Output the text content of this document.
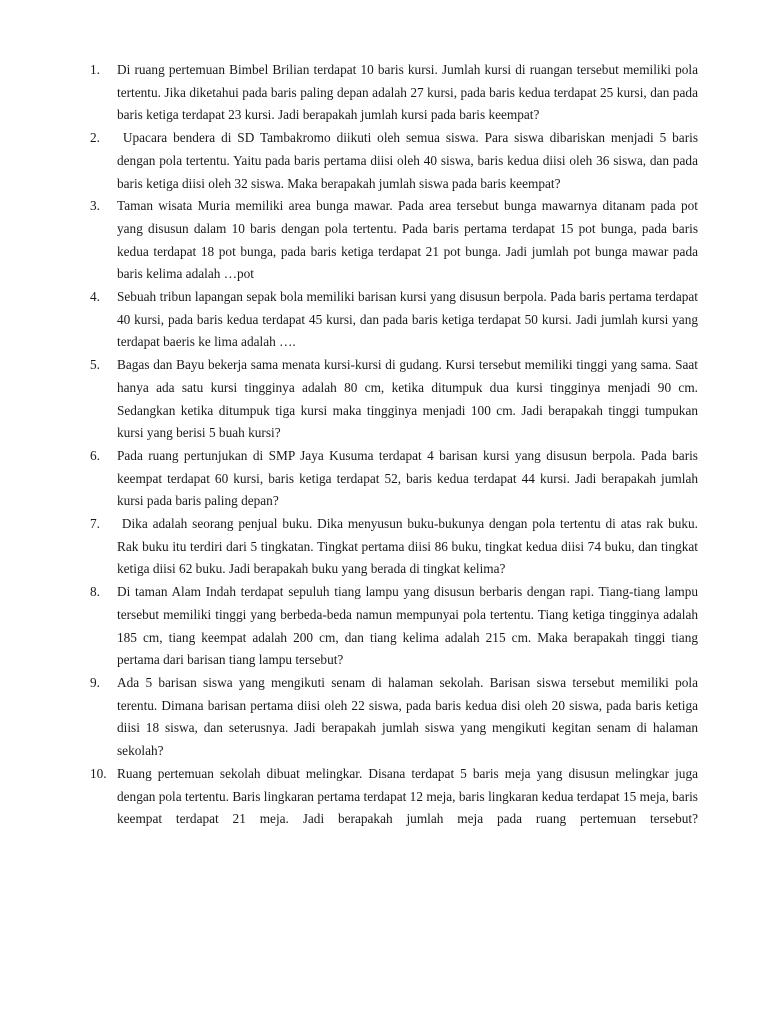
1.	Di ruang pertemuan Bimbel Brilian terdapat 10 baris kursi. Jumlah kursi di ruangan tersebut memiliki pola tertentu. Jika diketahui pada baris paling depan adalah 27 kursi, pada baris kedua terdapat 25 kursi, dan pada baris ketiga terdapat 23 kursi. Jadi berapakah jumlah kursi pada baris keempat?
2.	Upacara bendera di SD Tambakromo diikuti oleh semua siswa. Para siswa dibariskan menjadi 5 baris dengan pola tertentu. Yaitu pada baris pertama diisi oleh 40 siswa, baris kedua diisi oleh 36 siswa, dan pada baris ketiga diisi oleh 32 siswa. Maka berapakah jumlah siswa pada baris keempat?
3.	Taman wisata Muria memiliki area bunga mawar. Pada area tersebut bunga mawarnya ditanam pada pot yang disusun dalam 10 baris dengan pola tertentu. Pada baris pertama terdapat 15 pot bunga, pada baris kedua terdapat 18 pot bunga, pada baris ketiga terdapat 21 pot bunga. Jadi jumlah pot bunga mawar pada baris kelima adalah …pot
4.	Sebuah tribun lapangan sepak bola memiliki barisan kursi yang disusun berpola. Pada baris pertama terdapat 40 kursi, pada baris kedua terdapat 45 kursi, dan pada baris ketiga terdapat 50 kursi. Jadi jumlah kursi yang terdapat baeris ke lima adalah ….
5.	Bagas dan Bayu bekerja sama menata kursi-kursi di gudang. Kursi tersebut memiliki tinggi yang sama. Saat hanya ada satu kursi tingginya adalah 80 cm, ketika ditumpuk dua kursi tingginya menjadi 90 cm. Sedangkan ketika ditumpuk tiga kursi maka tingginya menjadi 100 cm. Jadi berapakah tinggi tumpukan kursi yang berisi 5 buah kursi?
6.	Pada ruang pertunjukan di SMP Jaya Kusuma terdapat 4 barisan kursi yang disusun berpola. Pada baris keempat terdapat 60 kursi, baris ketiga terdapat 52, baris kedua terdapat 44 kursi. Jadi berapakah jumlah kursi pada baris paling depan?
7.	Dika adalah seorang penjual buku. Dika menyusun buku-bukunya dengan pola tertentu di atas rak buku. Rak buku itu terdiri dari 5 tingkatan. Tingkat pertama diisi 86 buku, tingkat kedua diisi 74 buku, dan tingkat ketiga diisi 62 buku. Jadi berapakah buku yang berada di tingkat kelima?
8.	Di taman Alam Indah terdapat sepuluh tiang lampu yang disusun berbaris dengan rapi. Tiang-tiang lampu tersebut memiliki tinggi yang berbeda-beda namun mempunyai pola tertentu. Tiang ketiga tingginya adalah 185 cm, tiang keempat adalah 200 cm, dan tiang kelima adalah 215 cm. Maka berapakah tinggi tiang pertama dari barisan tiang lampu tersebut?
9.	Ada 5 barisan siswa yang mengikuti senam di halaman sekolah. Barisan siswa tersebut memiliki pola terentu. Dimana barisan pertama diisi oleh 22 siswa, pada baris kedua disi oleh 20 siswa, pada baris ketiga diisi 18 siswa, dan seterusnya. Jadi berapakah jumlah siswa yang mengikuti kegitan senam di halaman sekolah?
10. Ruang pertemuan sekolah dibuat melingkar. Disana terdapat 5 baris meja yang disusun melingkar juga dengan pola tertentu. Baris lingkaran pertama terdapat 12 meja, baris lingkaran kedua terdapat 15 meja, baris keempat terdapat 21 meja. Jadi berapakah jumlah meja pada ruang pertemuan tersebut?
